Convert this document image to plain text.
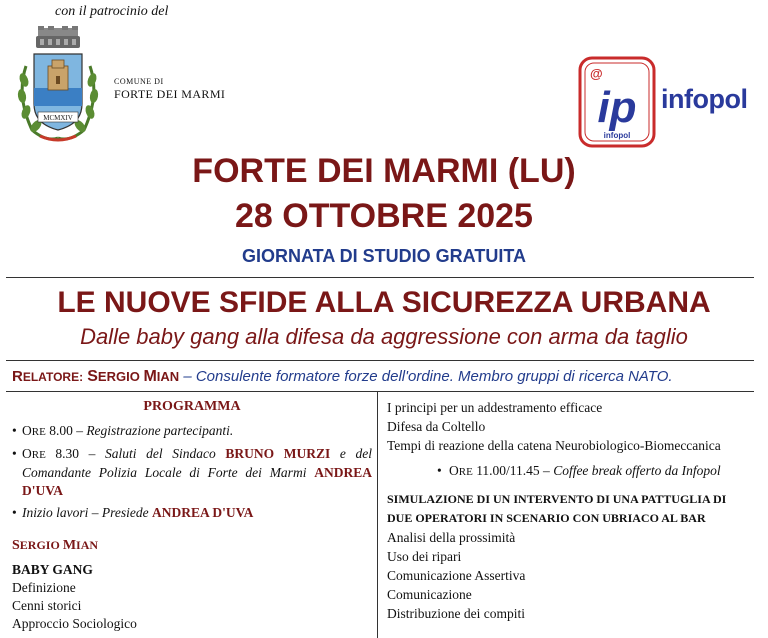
con il patrocinio del
MCMXIV
COMUNE DI
FORTE DEI MARMI
@
ip
infopol
infopol
FORTE DEI MARMI (LU)
28 OTTOBRE 2025
GIORNATA DI STUDIO GRATUITA
LE NUOVE SFIDE ALLA SICUREZZA URBANA
Dalle baby gang alla difesa da aggressione con arma da taglio
RELATORE: SERGIO MIAN – Consulente formatore forze dell'ordine. Membro gruppi di ricerca NATO.
PROGRAMMA
• ORE 8.00 – Registrazione partecipanti.
• ORE 8.30 – Saluti del Sindaco BRUNO MURZI e del Comandante Polizia Locale di Forte dei Marmi ANDREA D'UVA
• Inizio lavori – Presiede ANDREA D'UVA
SERGIO MIAN
BABY GANG
Definizione
Cenni storici
Approccio Sociologico
I principi per un addestramento efficace
Difesa da Coltello
Tempi di reazione della catena Neurobiologico-Biomeccanica
• ORE 11.00/11.45 – Coffee break offerto da Infopol
SIMULAZIONE DI UN INTERVENTO DI UNA PATTUGLIA DI DUE OPERATORI IN SCENARIO CON UBRIACO AL BAR
Analisi della prossimità
Uso dei ripari
Comunicazione Assertiva
Comunicazione
Distribuzione dei compiti
